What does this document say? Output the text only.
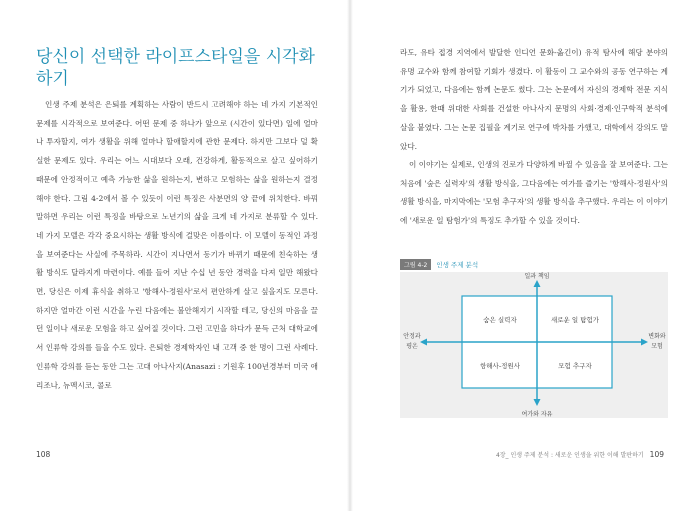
당신이 선택한 라이프스타일을 시각화하기

인생 주제 분석은 은퇴를 계획하는 사람이 반드시 고려해야 하는 네 가지 기본적인 문제를 시각적으로 보여준다. 어떤 문제 중 하나가 앞으로 (시간이 있다면) 일에 얼마나 투자할지, 여가 생활을 위해 얼마나 할애할지에 관한 문제다. 하지만 그보다 덜 확실한 문제도 있다. 우리는 어느 시대보다 오래, 건강하게, 활동적으로 살고 싶어하기 때문에 안정적이고 예측 가능한 삶을 원하는지, 변하고 모험하는 삶을 원하는지 결정해야 한다. 그림 4-2에서 볼 수 있듯이 이런 특징은 사분면의 양 끝에 위치한다. 바꿔 말하면 우리는 이런 특징을 바탕으로 노년기의 삶을 크게 네 가지로 분류할 수 있다. 네 가지 모델은 각각 중요시하는 생활 방식에 걸맞은 이름이다. 이 모델이 동적인 과정을 보여준다는 사실에 주목하라. 시간이 지나면서 동기가 바뀌기 때문에 친숙하는 생활 방식도 달라지게 마련이다. 예를 들어 지난 수십 년 동안 경력을 다져 일만 해왔다면, 당신은 이제 휴식을 취하고 '항해사-정원사'로서 편안하게 살고 싶을지도 모른다. 하지만 얼마간 이런 시간을 누린 다음에는 불안해지기 시작할 테고, 당신의 마음을 끌던 일이나 새로운 모험을 하고 싶어질 것이다. 그런 고민을 하다가 문득 근처 대학교에서 인류학 강의를 들을 수도 있다. 은퇴한 경제학자인 내 고객 중 한 명이 그런 사례다. 인류학 강의를 듣는 동안 그는 고대 아나사지(Anasazi : 기원후 100년경부터 미국 애리조나, 뉴멕시코, 콜로

108

라도, 유타 접경 지역에서 발달한 인디언 문화-옮긴이) 유적 탐사에 해당 분야의 유명 교수와 함께 참여할 기회가 생겼다. 이 활동이 그 교수와의 공동 연구하는 계기가 되었고, 다음에는 함께 논문도 썼다. 그는 논문에서 자신의 경제학 전문 지식을 활용, 한때 위대한 사회를 건설한 아나사지 문명의 사회·경제·인구학적 분석에 살을 붙였다. 그는 논문 집필을 계기로 연구에 박차를 가했고, 대학에서 강의도 맡았다.

이 이야기는 실제로, 인생의 진로가 다양하게 바뀔 수 있음을 잘 보여준다. 그는 처음에 '숲은 실력자'의 생활 방식을, 그다음에는 여가를 즐기는 '항해사-정원사'의 생활 방식을, 마지막에는 '모험 추구자'의 생활 방식을 추구했다. 우리는 이 이야기에 '새로운 일 탐험가'의 특징도 추가할 수 있을 것이다.

그림 4-2	인생 주제 분석
일과 책임
여가와 자유
안정과
평온
변화와
모험
숨은 실력자	새로운 일 탐험가
항해사-정원사	모험 추구자
4장_ 인생 주제 분석 : 새로운 인생을 위한 이해 발판하기 109
